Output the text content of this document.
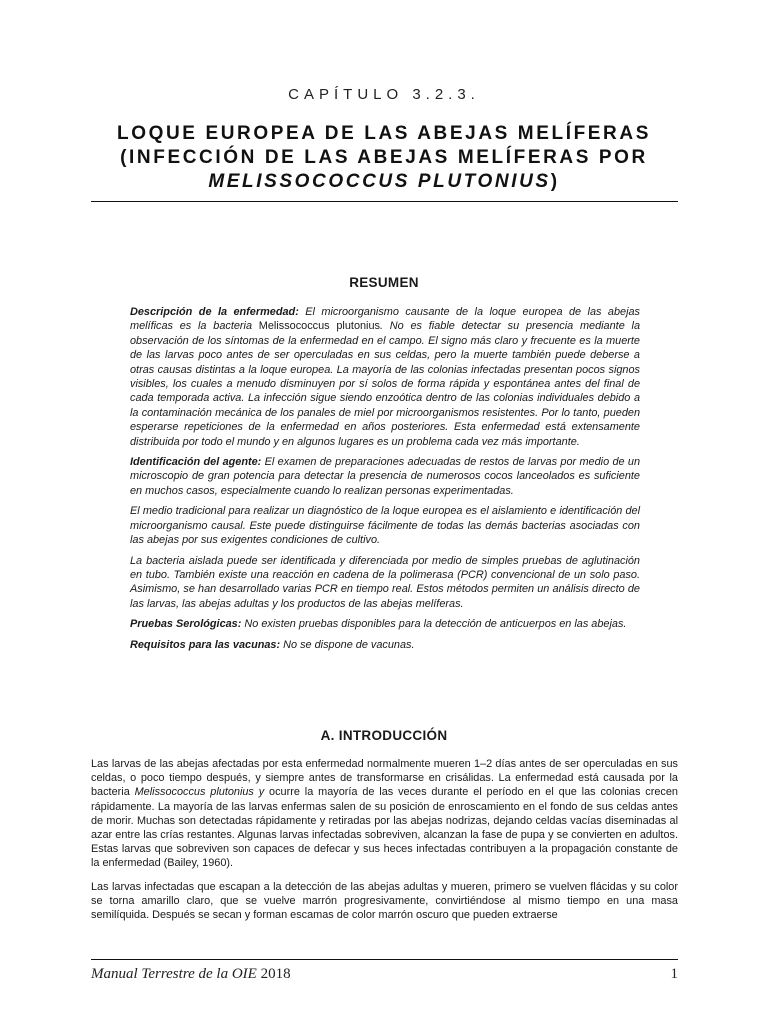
CAPÍTULO 3.2.3.
LOQUE EUROPEA DE LAS ABEJAS MELÍFERAS
(INFECCIÓN DE LAS ABEJAS MELÍFERAS POR
MELISSOCOCCUS PLUTONIUS)
RESUMEN

Descripción de la enfermedad: El microorganismo causante de la loque europea de las abejas melíficas es la bacteria Melissococcus plutonius. No es fiable detectar su presencia mediante la observación de los síntomas de la enfermedad en el campo. El signo más claro y frecuente es la muerte de las larvas poco antes de ser operculadas en sus celdas, pero la muerte también puede deberse a otras causas distintas a la loque europea. La mayoría de las colonias infectadas presentan pocos signos visibles, los cuales a menudo disminuyen por sí solos de forma rápida y espontánea antes del final de cada temporada activa. La infección sigue siendo enzoótica dentro de las colonias individuales debido a la contaminación mecánica de los panales de miel por microorganismos resistentes. Por lo tanto, pueden esperarse repeticiones de la enfermedad en años posteriores. Esta enfermedad está extensamente distribuida por todo el mundo y en algunos lugares es un problema cada vez más importante.

Identificación del agente: El examen de preparaciones adecuadas de restos de larvas por medio de un microscopio de gran potencia para detectar la presencia de numerosos cocos lanceolados es suficiente en muchos casos, especialmente cuando lo realizan personas experimentadas.

El medio tradicional para realizar un diagnóstico de la loque europea es el aislamiento e identificación del microorganismo causal. Este puede distinguirse fácilmente de todas las demás bacterias asociadas con las abejas por sus exigentes condiciones de cultivo.

La bacteria aislada puede ser identificada y diferenciada por medio de simples pruebas de aglutinación en tubo. También existe una reacción en cadena de la polimerasa (PCR) convencional de un solo paso. Asimismo, se han desarrollado varias PCR en tiempo real. Estos métodos permiten un análisis directo de las larvas, las abejas adultas y los productos de las abejas melíferas.

Pruebas Serológicas: No existen pruebas disponibles para la detección de anticuerpos en las abejas.

Requisitos para las vacunas: No se dispone de vacunas.

A. INTRODUCCIÓN

Las larvas de las abejas afectadas por esta enfermedad normalmente mueren 1–2 días antes de ser operculadas en sus celdas, o poco tiempo después, y siempre antes de transformarse en crisálidas. La enfermedad está causada por la bacteria Melissococcus plutonius y ocurre la mayoría de las veces durante el período en el que las colonias crecen rápidamente. La mayoría de las larvas enfermas salen de su posición de enroscamiento en el fondo de sus celdas antes de morir. Muchas son detectadas rápidamente y retiradas por las abejas nodrizas, dejando celdas vacías diseminadas al azar entre las crías restantes. Algunas larvas infectadas sobreviven, alcanzan la fase de pupa y se convierten en adultos. Estas larvas que sobreviven son capaces de defecar y sus heces infectadas contribuyen a la propagación constante de la enfermedad (Bailey, 1960).

Las larvas infectadas que escapan a la detección de las abejas adultas y mueren, primero se vuelven flácidas y su color se torna amarillo claro, que se vuelve marrón progresivamente, convirtiéndose al mismo tiempo en una masa semilíquida. Después se secan y forman escamas de color marrón oscuro que pueden extraerse

Manual Terrestre de la OIE 2018	1
